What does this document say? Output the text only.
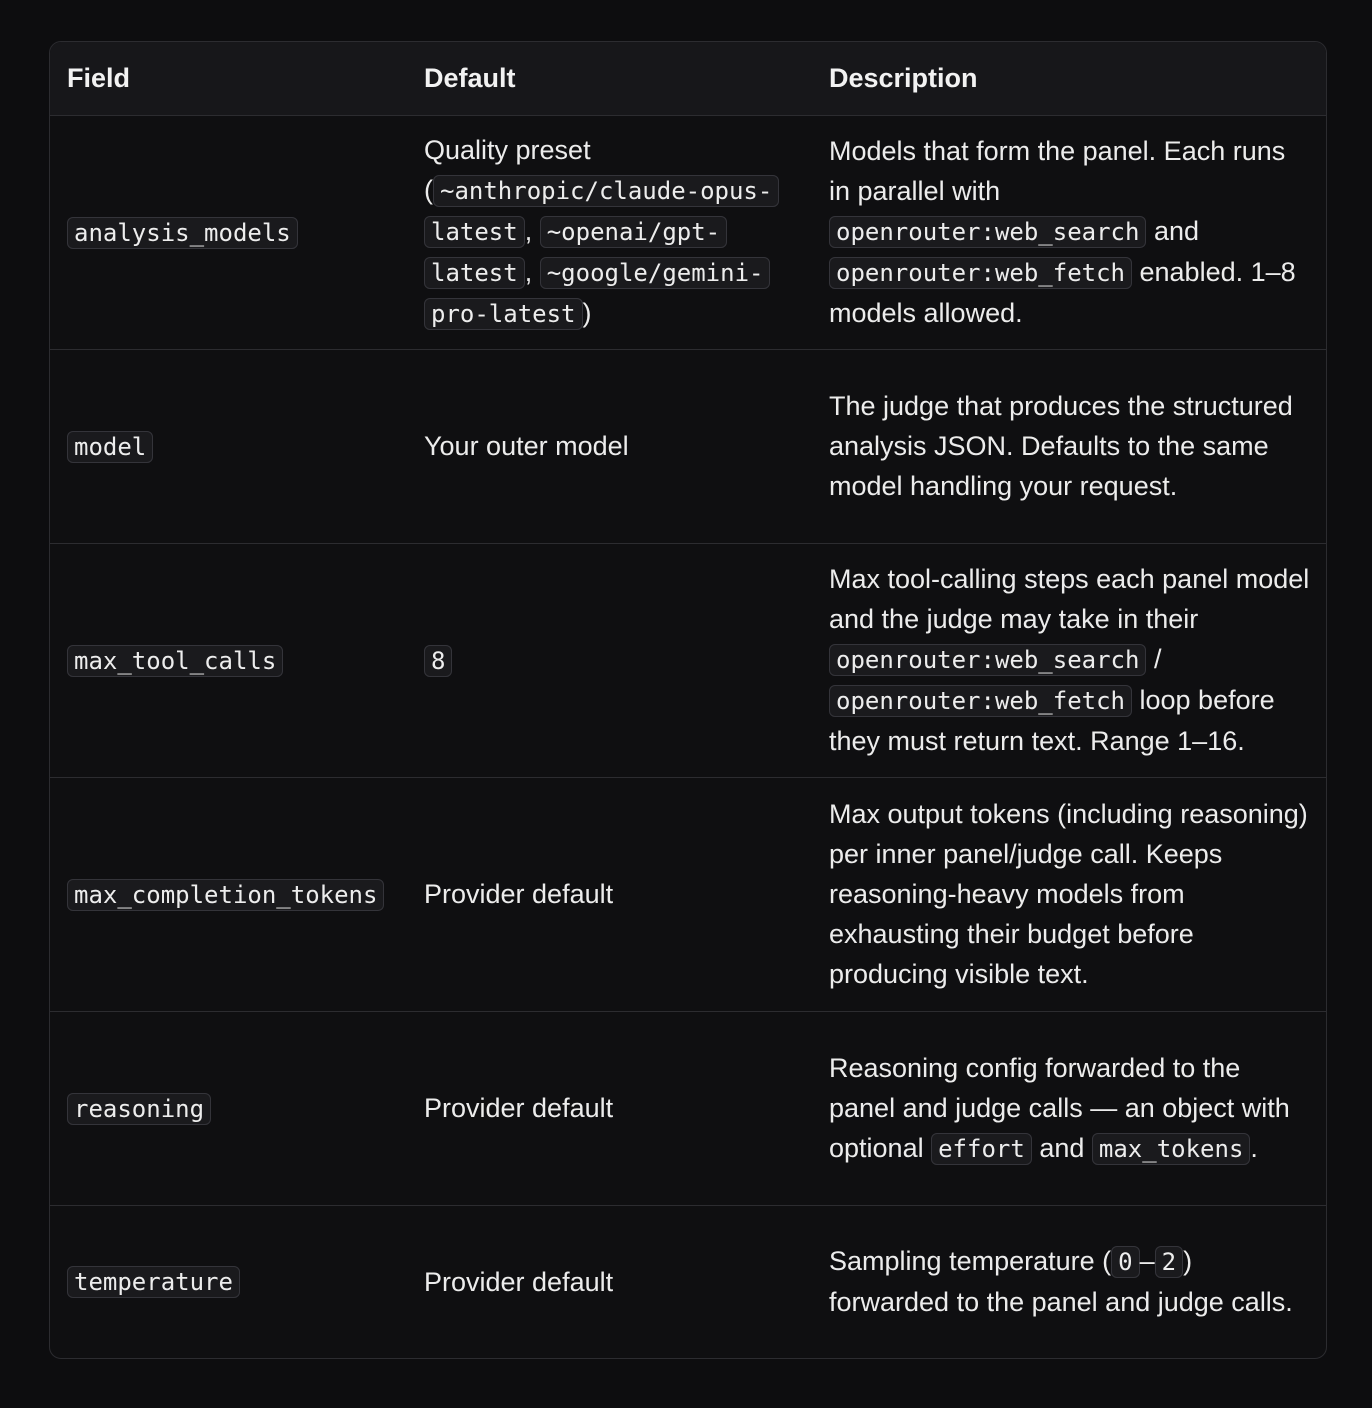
Field	Default	Description
analysis_models	Quality preset ( ~anthropic/claude-opus-latest , ~openai/gpt-latest , ~google/gemini-pro-latest )	Models that form the panel. Each runs in parallel with openrouter:web_search and openrouter:web_fetch enabled. 1–8 models allowed.
model	Your outer model	The judge that produces the structured analysis JSON. Defaults to the same model handling your request.
max_tool_calls	8	Max tool-calling steps each panel model and the judge may take in their openrouter:web_search / openrouter:web_fetch loop before they must return text. Range 1–16.
max_completion_tokens	Provider default	Max output tokens (including reasoning) per inner panel/judge call. Keeps reasoning-heavy models from exhausting their budget before producing visible text.
reasoning	Provider default	Reasoning config forwarded to the panel and judge calls — an object with optional effort and max_tokens .
temperature	Provider default	Sampling temperature ( 0 – 2 ) forwarded to the panel and judge calls.
